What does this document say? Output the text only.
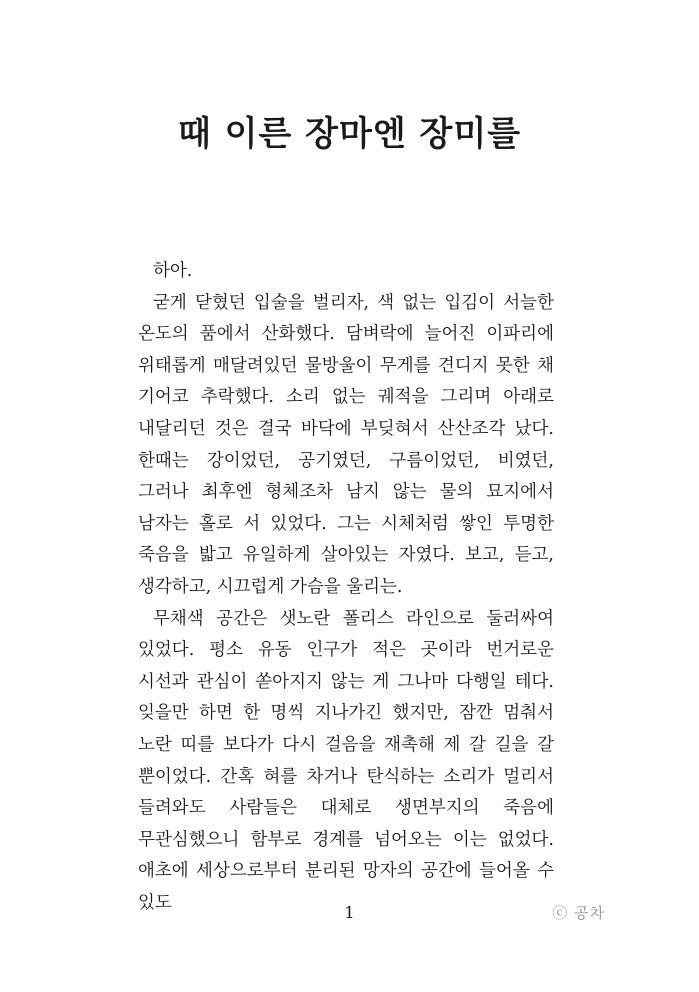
때 이른 장마엔 장미를

하아.

굳게 닫혔던 입술을 벌리자, 색 없는 입김이 서늘한 온도의 품에서 산화했다. 담벼락에 늘어진 이파리에 위태롭게 매달려있던 물방울이 무게를 견디지 못한 채 기어코 추락했다. 소리 없는 궤적을 그리며 아래로 내달리던 것은 결국 바닥에 부딪혀서 산산조각 났다. 한때는 강이었던, 공기였던, 구름이었던, 비였던, 그러나 최후엔 형체조차 남지 않는 물의 묘지에서 남자는 홀로 서 있었다. 그는 시체처럼 쌓인 투명한 죽음을 밟고 유일하게 살아있는 자였다. 보고, 듣고, 생각하고, 시끄럽게 가슴을 울리는.

무채색 공간은 샛노란 폴리스 라인으로 둘러싸여 있었다. 평소 유동 인구가 적은 곳이라 번거로운 시선과 관심이 쏟아지지 않는 게 그나마 다행일 테다. 잊을만 하면 한 명씩 지나가긴 했지만, 잠깐 멈춰서 노란 띠를 보다가 다시 걸음을 재촉해 제 갈 길을 갈 뿐이었다. 간혹 혀를 차거나 탄식하는 소리가 멀리서 들려와도 사람들은 대체로 생면부지의 죽음에 무관심했으니 함부로 경계를 넘어오는 이는 없었다. 애초에 세상으로부터 분리된 망자의 공간에 들어올 수 있도	1	ⓒ 공차
